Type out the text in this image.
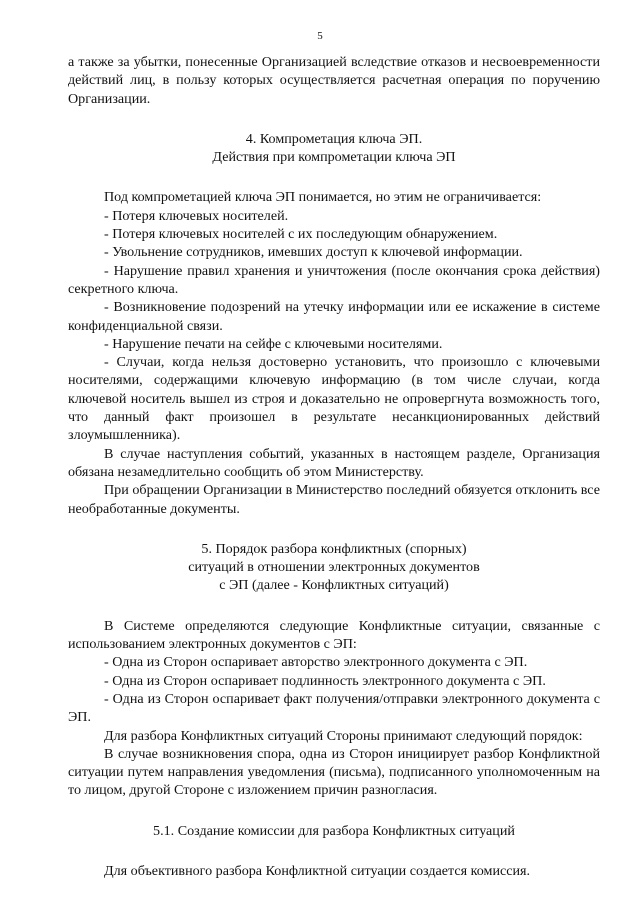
5

а также за убытки, понесенные Организацией вследствие отказов и несвоевременности действий лиц, в пользу которых осуществляется расчетная операция по поручению Организации.

4. Компрометация ключа ЭП.
Действия при компрометации ключа ЭП

Под компрометацией ключа ЭП понимается, но этим не ограничивается:

- Потеря ключевых носителей.

- Потеря ключевых носителей с их последующим обнаружением.

- Увольнение сотрудников, имевших доступ к ключевой информации.

- Нарушение правил хранения и уничтожения (после окончания срока действия) секретного ключа.

- Возникновение подозрений на утечку информации или ее искажение в системе конфиденциальной связи.

- Нарушение печати на сейфе с ключевыми носителями.

- Случаи, когда нельзя достоверно установить, что произошло с ключевыми носителями, содержащими ключевую информацию (в том числе случаи, когда ключевой носитель вышел из строя и доказательно не опровергнута возможность того, что данный факт произошел в результате несанкционированных действий злоумышленника).

В случае наступления событий, указанных в настоящем разделе, Организация обязана незамедлительно сообщить об этом Министерству.

При обращении Организации в Министерство последний обязуется отклонить все необработанные документы.

5. Порядок разбора конфликтных (спорных)
ситуаций в отношении электронных документов
с ЭП (далее - Конфликтных ситуаций)

В Системе определяются следующие Конфликтные ситуации, связанные с использованием электронных документов с ЭП:

- Одна из Сторон оспаривает авторство электронного документа с ЭП.

- Одна из Сторон оспаривает подлинность электронного документа с ЭП.

- Одна из Сторон оспаривает факт получения/отправки электронного документа с ЭП.

Для разбора Конфликтных ситуаций Стороны принимают следующий порядок:

В случае возникновения спора, одна из Сторон инициирует разбор Конфликтной ситуации путем направления уведомления (письма), подписанного уполномоченным на то лицом, другой Стороне с изложением причин разногласия.

5.1. Создание комиссии для разбора Конфликтных ситуаций

Для объективного разбора Конфликтной ситуации создается комиссия.
